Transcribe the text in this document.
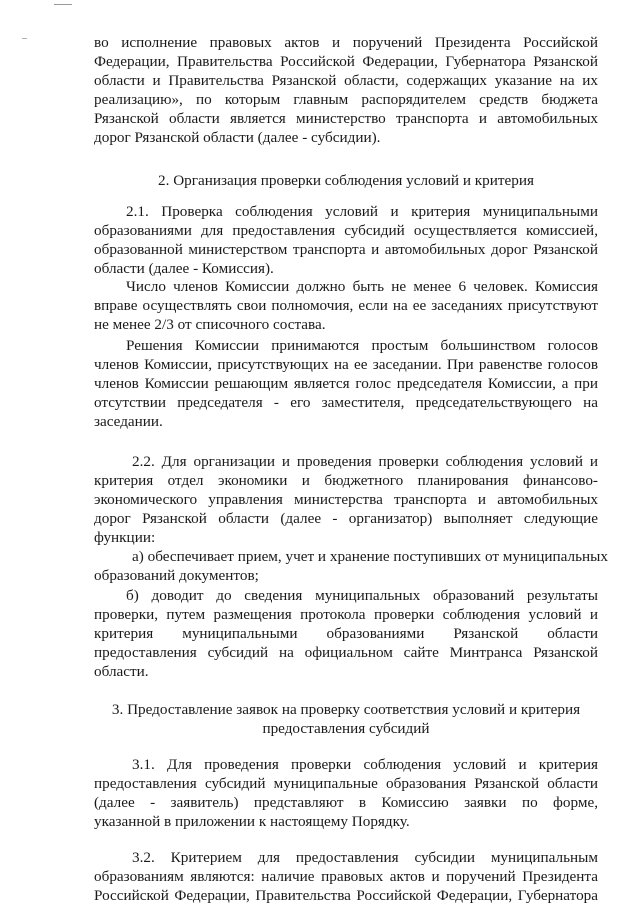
во исполнение правовых актов и поручений Президента Российской
Федерации, Правительства Российской Федерации, Губернатора Рязанской
области и Правительства Рязанской области, содержащих указание на их
реализацию», по которым главным распорядителем средств бюджета
Рязанской области является министерство транспорта и автомобильных
дорог Рязанской области (далее - субсидии).
2. Организация проверки соблюдения условий и критерия
2.1. Проверка соблюдения условий и критерия муниципальными
образованиями для предоставления субсидий осуществляется комиссией,
образованной министерством транспорта и автомобильных дорог Рязанской
области (далее - Комиссия).
Число членов Комиссии должно быть не менее 6 человек. Комиссия
вправе осуществлять свои полномочия, если на ее заседаниях присутствуют
не менее 2/3 от списочного состава.
Решения Комиссии принимаются простым большинством голосов
членов Комиссии, присутствующих на ее заседании. При равенстве голосов
членов Комиссии решающим является голос председателя Комиссии, а при
отсутствии председателя - его заместителя, председательствующего на
заседании.
2.2. Для организации и проведения проверки соблюдения условий и
критерия отдел экономики и бюджетного планирования финансово-
экономического управления министерства транспорта и автомобильных
дорог Рязанской области (далее - организатор) выполняет следующие
функции:
а) обеспечивает прием, учет и хранение поступивших от муниципальных
образований документов;
б) доводит до сведения муниципальных образований результаты
проверки, путем размещения протокола проверки соблюдения условий и
критерия муниципальными образованиями Рязанской области
предоставления субсидий на официальном сайте Минтранса Рязанской
области.
3. Предоставление заявок на проверку соответствия условий и критерия
предоставления субсидий
3.1. Для проведения проверки соблюдения условий и критерия
предоставления субсидий муниципальные образования Рязанской области
(далее - заявитель) представляют в Комиссию заявки по форме,
указанной в приложении к настоящему Порядку.
3.2. Критерием для предоставления субсидии муниципальным
образованиям являются: наличие правовых актов и поручений Президента
Российской Федерации, Правительства Российской Федерации, Губернатора
